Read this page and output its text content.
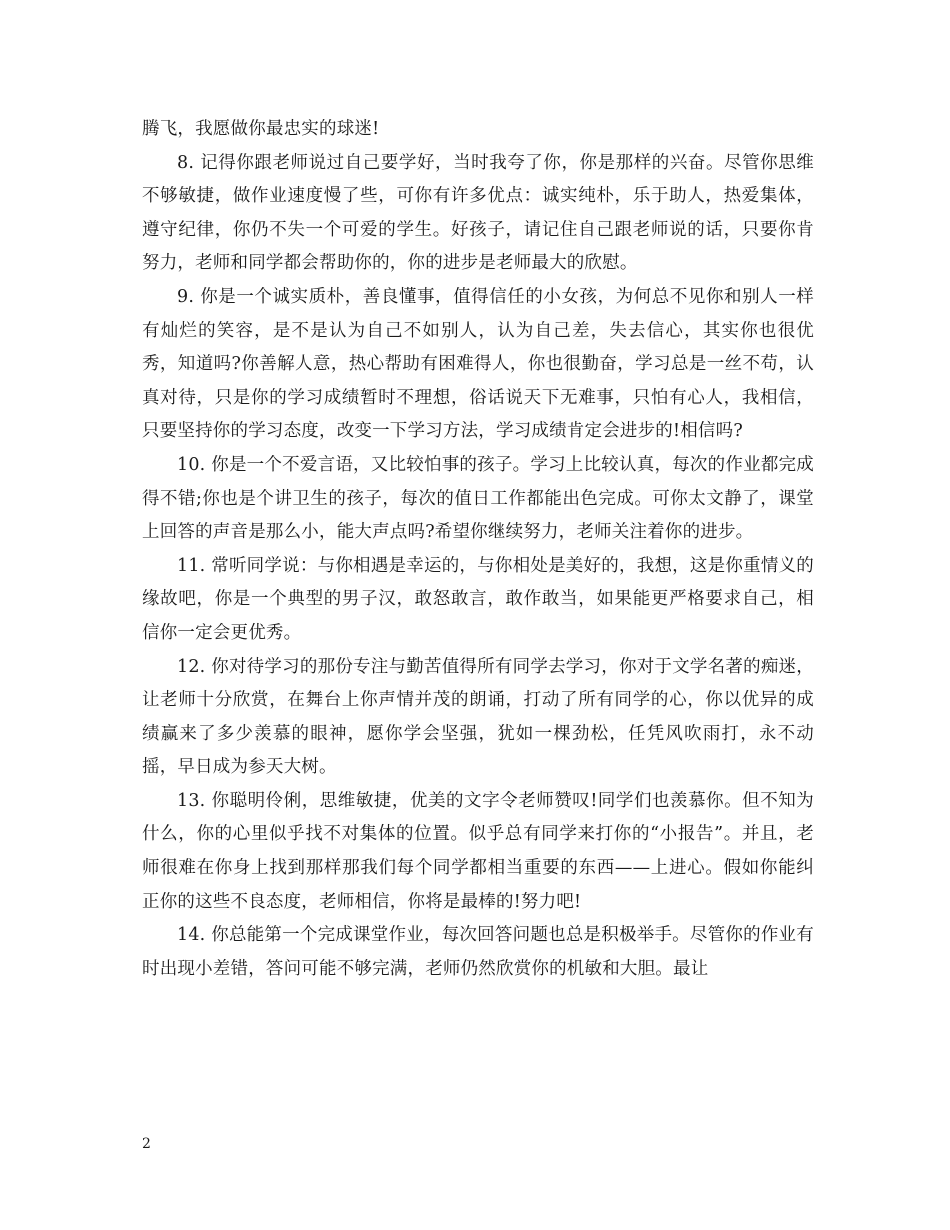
腾飞，我愿做你最忠实的球迷!

8. 记得你跟老师说过自己要学好，当时我夸了你，你是那样的兴奋。尽管你思维不够敏捷，做作业速度慢了些，可你有许多优点：诚实纯朴，乐于助人，热爱集体，遵守纪律，你仍不失一个可爱的学生。好孩子，请记住自己跟老师说的话，只要你肯努力，老师和同学都会帮助你的，你的进步是老师最大的欣慰。

9. 你是一个诚实质朴，善良懂事，值得信任的小女孩，为何总不见你和别人一样有灿烂的笑容，是不是认为自己不如别人，认为自己差，失去信心，其实你也很优秀，知道吗?你善解人意，热心帮助有困难得人，你也很勤奋，学习总是一丝不苟，认真对待，只是你的学习成绩暂时不理想，俗话说天下无难事，只怕有心人，我相信，只要坚持你的学习态度，改变一下学习方法，学习成绩肯定会进步的!相信吗?

10. 你是一个不爱言语，又比较怕事的孩子。学习上比较认真，每次的作业都完成得不错;你也是个讲卫生的孩子，每次的值日工作都能出色完成。可你太文静了，课堂上回答的声音是那么小，能大声点吗?希望你继续努力，老师关注着你的进步。

11. 常听同学说：与你相遇是幸运的，与你相处是美好的，我想，这是你重情义的缘故吧，你是一个典型的男子汉，敢怒敢言，敢作敢当，如果能更严格要求自己，相信你一定会更优秀。

12. 你对待学习的那份专注与勤苦值得所有同学去学习，你对于文学名著的痴迷，让老师十分欣赏，在舞台上你声情并茂的朗诵，打动了所有同学的心，你以优异的成绩赢来了多少羡慕的眼神，愿你学会坚强，犹如一棵劲松，任凭风吹雨打，永不动摇，早日成为参天大树。

13. 你聪明伶俐，思维敏捷，优美的文字令老师赞叹!同学们也羡慕你。但不知为什么，你的心里似乎找不对集体的位置。似乎总有同学来打你的“小报告”。并且，老师很难在你身上找到那样那我们每个同学都相当重要的东西——上进心。假如你能纠正你的这些不良态度，老师相信，你将是最棒的!努力吧!

14. 你总能第一个完成课堂作业，每次回答问题也总是积极举手。尽管你的作业有时出现小差错，答问可能不够完满，老师仍然欣赏你的机敏和大胆。最让

2
